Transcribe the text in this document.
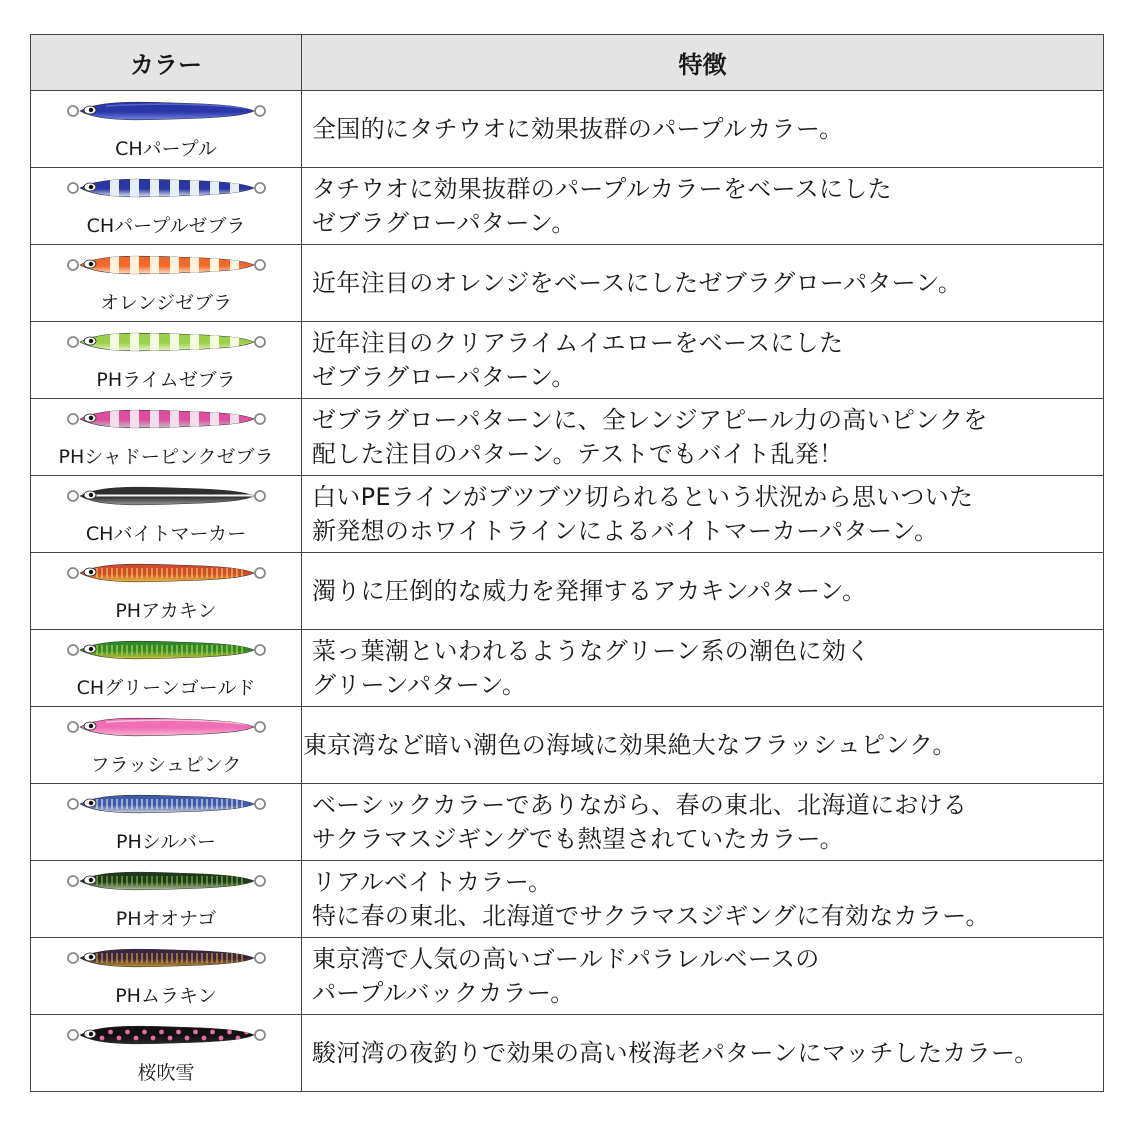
カラー	特徴

CHパープル	全国的にタチウオに効果抜群のパープルカラー。

CHパープルゼブラ	タチウオに効果抜群のパープルカラーをベースにした
ゼブラグローパターン。

オレンジゼブラ	近年注目のオレンジをベースにしたゼブラグローパターン。

PHライムゼブラ	近年注目のクリアライムイエローをベースにした
ゼブラグローパターン。

PHシャドーピンクゼブラ	ゼブラグローパターンに、全レンジアピール力の高いピンクを
配した注目のパターン。テストでもバイト乱発！

CHバイトマーカー	白いPEラインがブツブツ切られるという状況から思いついた
新発想のホワイトラインによるバイトマーカーパターン。

PHアカキン	濁りに圧倒的な威力を発揮するアカキンパターン。

CHグリーンゴールド	菜っ葉潮といわれるようなグリーン系の潮色に効く
グリーンパターン。

フラッシュピンク	東京湾など暗い潮色の海域に効果絶大なフラッシュピンク。

PHシルバー	ベーシックカラーでありながら、春の東北、北海道における
サクラマスジギングでも熱望されていたカラー。

PHオオナゴ	リアルベイトカラー。
特に春の東北、北海道でサクラマスジギングに有効なカラー。

PHムラキン	東京湾で人気の高いゴールドパラレルベースの
パープルバックカラー。

桜吹雪	駿河湾の夜釣りで効果の高い桜海老パターンにマッチしたカラー。
